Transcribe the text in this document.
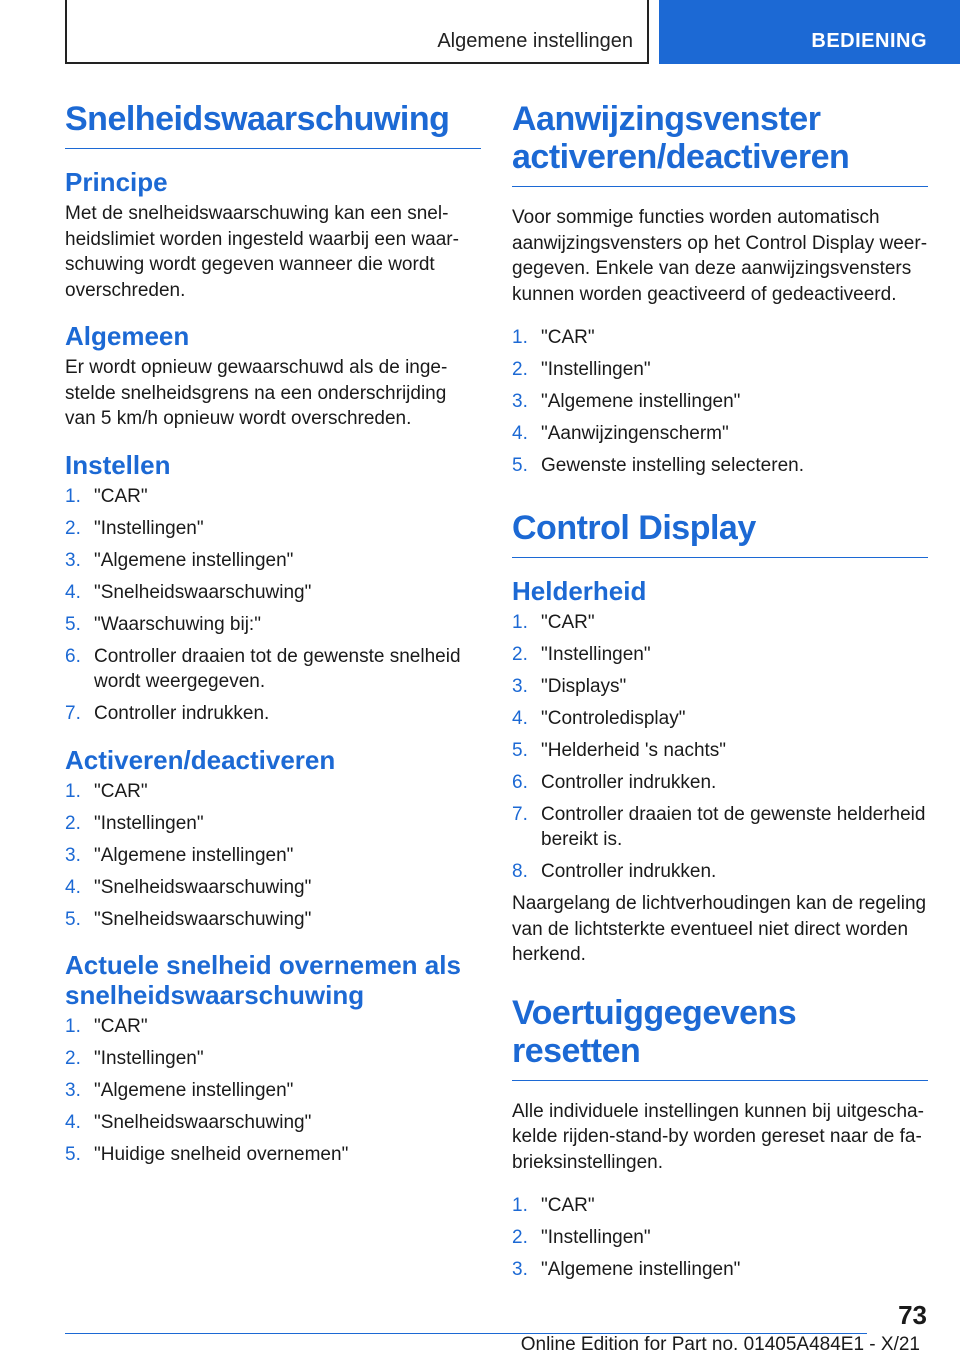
Algemene instellingen	BEDIENING
Snelheidswaarschuwing
Principe
Met de snelheidswaarschuwing kan een snelheidslimiet worden ingesteld waarbij een waarschuwing wordt gegeven wanneer die wordt overschreden.
Algemeen
Er wordt opnieuw gewaarschuwd als de ingestelde snelheidsgrens na een onderschrijding van 5 km/h opnieuw wordt overschreden.
Instellen
1. "CAR"
2. "Instellingen"
3. "Algemene instellingen"
4. "Snelheidswaarschuwing"
5. "Waarschuwing bij:"
6. Controller draaien tot de gewenste snelheid wordt weergegeven.
7. Controller indrukken.
Activeren/deactiveren
1. "CAR"
2. "Instellingen"
3. "Algemene instellingen"
4. "Snelheidswaarschuwing"
5. "Snelheidswaarschuwing"
Actuele snelheid overnemen als snelheidswaarschuwing
1. "CAR"
2. "Instellingen"
3. "Algemene instellingen"
4. "Snelheidswaarschuwing"
5. "Huidige snelheid overnemen"
Aanwijzingsvenster activeren/deactiveren
Voor sommige functies worden automatisch aanwijzingsvensters op het Control Display weergegeven. Enkele van deze aanwijzingsvensters kunnen worden geactiveerd of gedeactiveerd.
1. "CAR"
2. "Instellingen"
3. "Algemene instellingen"
4. "Aanwijzingenscherm"
5. Gewenste instelling selecteren.
Control Display
Helderheid
1. "CAR"
2. "Instellingen"
3. "Displays"
4. "Controledisplay"
5. "Helderheid 's nachts"
6. Controller indrukken.
7. Controller draaien tot de gewenste helderheid bereikt is.
8. Controller indrukken.
Naargelang de lichtverhoudingen kan de regeling van de lichtsterkte eventueel niet direct worden herkend.
Voertuiggegevens resetten
Alle individuele instellingen kunnen bij uitgeschakelde rijden-stand-by worden gereset naar de fabrieksinstellingen.
1. "CAR"
2. "Instellingen"
3. "Algemene instellingen"
73
Online Edition for Part no. 01405A484E1 - X/21
